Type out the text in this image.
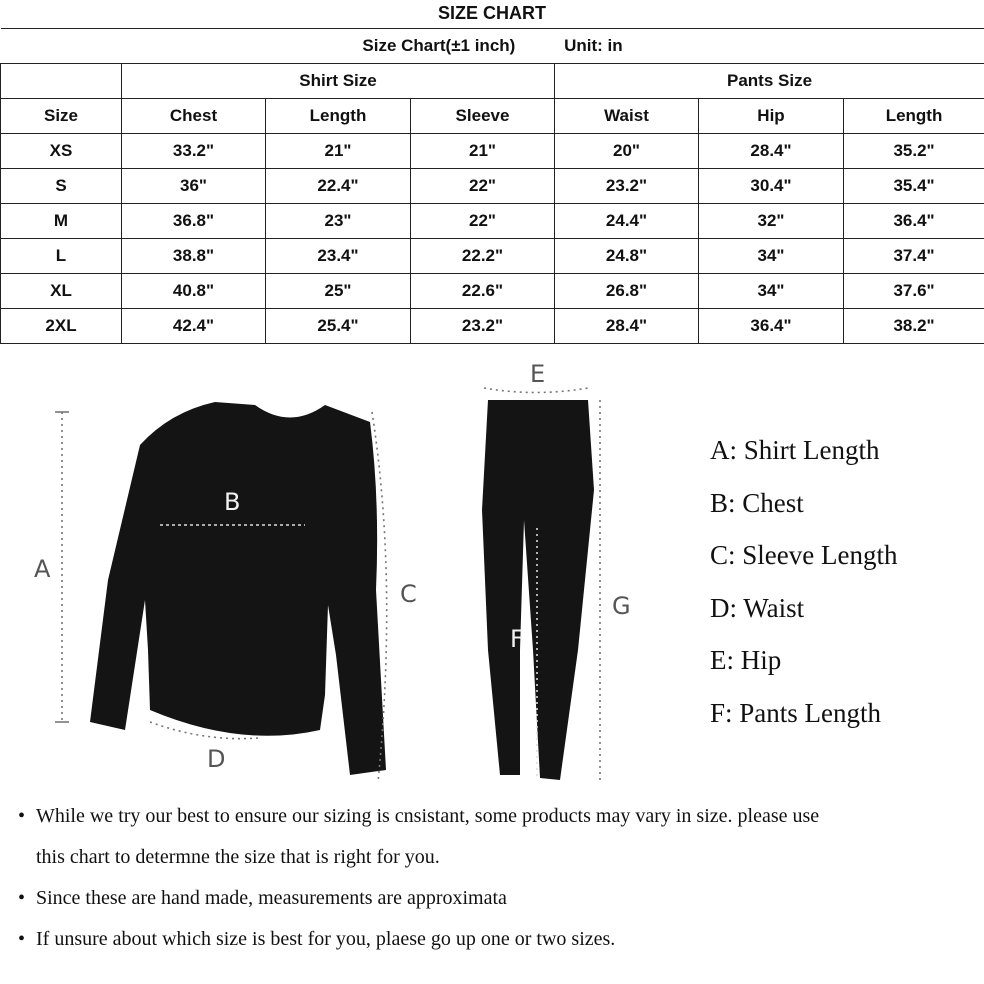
SIZE CHART
Size Chart(±1 inch) Unit: in						
	Shirt Size			Pants Size		
Size	Chest	Length	Sleeve	Waist	Hip	Length
XS	33.2"	21"	21"	20"	28.4"	35.2"
S	36"	22.4"	22"	23.2"	30.4"	35.4"
M	36.8"	23"	22"	24.4"	32"	36.4"
L	38.8"	23.4"	22.2"	24.8"	34"	37.4"
XL	40.8"	25"	22.6"	26.8"	34"	37.6"
2XL	42.4"	25.4"	23.2"	28.4"	36.4"	38.2"
A
B
C
D
E
F
G
A: Shirt Length
B: Chest
C: Sleeve Length
D: Waist
E: Hip
F: Pants Length
• While we try our best to ensure our sizing is cnsistant, some products may vary in size. please use
this chart to determne the size that is right for you.
• Since these are hand made, measurements are approximata
• If unsure about which size is best for you, plaese go up one or two sizes.
